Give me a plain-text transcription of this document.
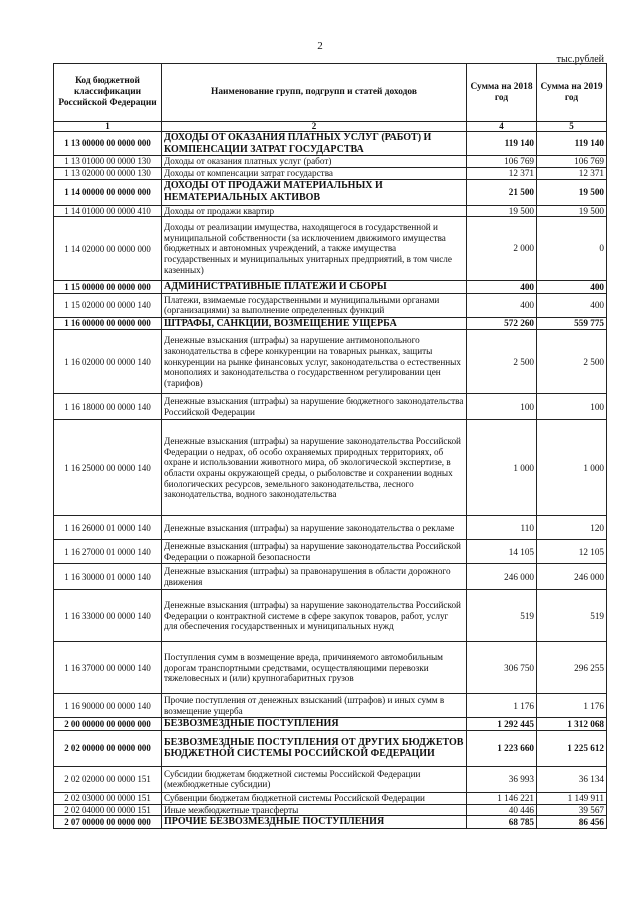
2
тыс.рублей
Код бюджетной классификации Российской Федерации	Наименование групп, подгрупп и статей доходов	Сумма на 2018 год	Сумма на 2019 год
1	2	4	5
1 13 00000 00 0000 000	ДОХОДЫ ОТ ОКАЗАНИЯ ПЛАТНЫХ УСЛУГ (РАБОТ) И КОМПЕНСАЦИИ ЗАТРАТ ГОСУДАРСТВА	119 140	119 140
1 13 01000 00 0000 130	Доходы от оказания платных услуг (работ)	106 769	106 769
1 13 02000 00 0000 130	Доходы от компенсации затрат государства	12 371	12 371
1 14 00000 00 0000 000	ДОХОДЫ ОТ ПРОДАЖИ МАТЕРИАЛЬНЫХ И НЕМАТЕРИАЛЬНЫХ АКТИВОВ	21 500	19 500
1 14 01000 00 0000 410	Доходы от продажи квартир	19 500	19 500
1 14 02000 00 0000 000	Доходы от реализации имущества, находящегося в государственной и муниципальной собственности (за исключением движимого имущества бюджетных и автономных учреждений, а также имущества государственных и муниципальных унитарных предприятий, в том числе казенных)	2 000	0
1 15 00000 00 0000 000	АДМИНИСТРАТИВНЫЕ ПЛАТЕЖИ И СБОРЫ	400	400
1 15 02000 00 0000 140	Платежи, взимаемые государственными и муниципальными органами (организациями) за выполнение определенных функций	400	400
1 16 00000 00 0000 000	ШТРАФЫ, САНКЦИИ, ВОЗМЕЩЕНИЕ УЩЕРБА	572 260	559 775
1 16 02000 00 0000 140	Денежные взыскания (штрафы) за нарушение антимонопольного законодательства в сфере конкуренции на товарных рынках, защиты конкуренции на рынке финансовых услуг, законодательства о естественных монополиях и законодательства о государственном регулировании цен (тарифов)	2 500	2 500
1 16 18000 00 0000 140	Денежные взыскания (штрафы) за нарушение бюджетного законодательства Российской Федерации	100	100
1 16 25000 00 0000 140	Денежные взыскания (штрафы) за нарушение законодательства Российской Федерации о недрах, об особо охраняемых природных территориях, об охране и использовании животного мира, об экологической экспертизе, в области охраны окружающей среды, о рыболовстве и сохранении водных биологических ресурсов, земельного законодательства, лесного законодательства, водного законодательства	1 000	1 000
1 16 26000 01 0000 140	Денежные взыскания (штрафы) за нарушение законодательства о рекламе	110	120
1 16 27000 01 0000 140	Денежные взыскания (штрафы) за нарушение законодательства Российской Федерации о пожарной безопасности	14 105	12 105
1 16 30000 01 0000 140	Денежные взыскания (штрафы) за правонарушения в области дорожного движения	246 000	246 000
1 16 33000 00 0000 140	Денежные взыскания (штрафы) за нарушение законодательства Российской Федерации о контрактной системе в сфере закупок товаров, работ, услуг для обеспечения государственных и муниципальных нужд	519	519
1 16 37000 00 0000 140	Поступления сумм в возмещение вреда, причиняемого автомобильным дорогам транспортными средствами, осуществляющими перевозки тяжеловесных и (или) крупногабаритных грузов	306 750	296 255
1 16 90000 00 0000 140	Прочие поступления от денежных взысканий (штрафов) и иных сумм в возмещение ущерба	1 176	1 176
2 00 00000 00 0000 000	БЕЗВОЗМЕЗДНЫЕ ПОСТУПЛЕНИЯ	1 292 445	1 312 068
2 02 00000 00 0000 000	БЕЗВОЗМЕЗДНЫЕ ПОСТУПЛЕНИЯ ОТ ДРУГИХ БЮДЖЕТОВ БЮДЖЕТНОЙ СИСТЕМЫ РОССИЙСКОЙ ФЕДЕРАЦИИ	1 223 660	1 225 612
2 02 02000 00 0000 151	Субсидии бюджетам бюджетной системы Российской Федерации (межбюджетные субсидии)	36 993	36 134
2 02 03000 00 0000 151	Субвенции бюджетам бюджетной системы Российской Федерации	1 146 221	1 149 911
2 02 04000 00 0000 151	Иные межбюджетные трансферты	40 446	39 567
2 07 00000 00 0000 000	ПРОЧИЕ БЕЗВОЗМЕЗДНЫЕ ПОСТУПЛЕНИЯ	68 785	86 456
